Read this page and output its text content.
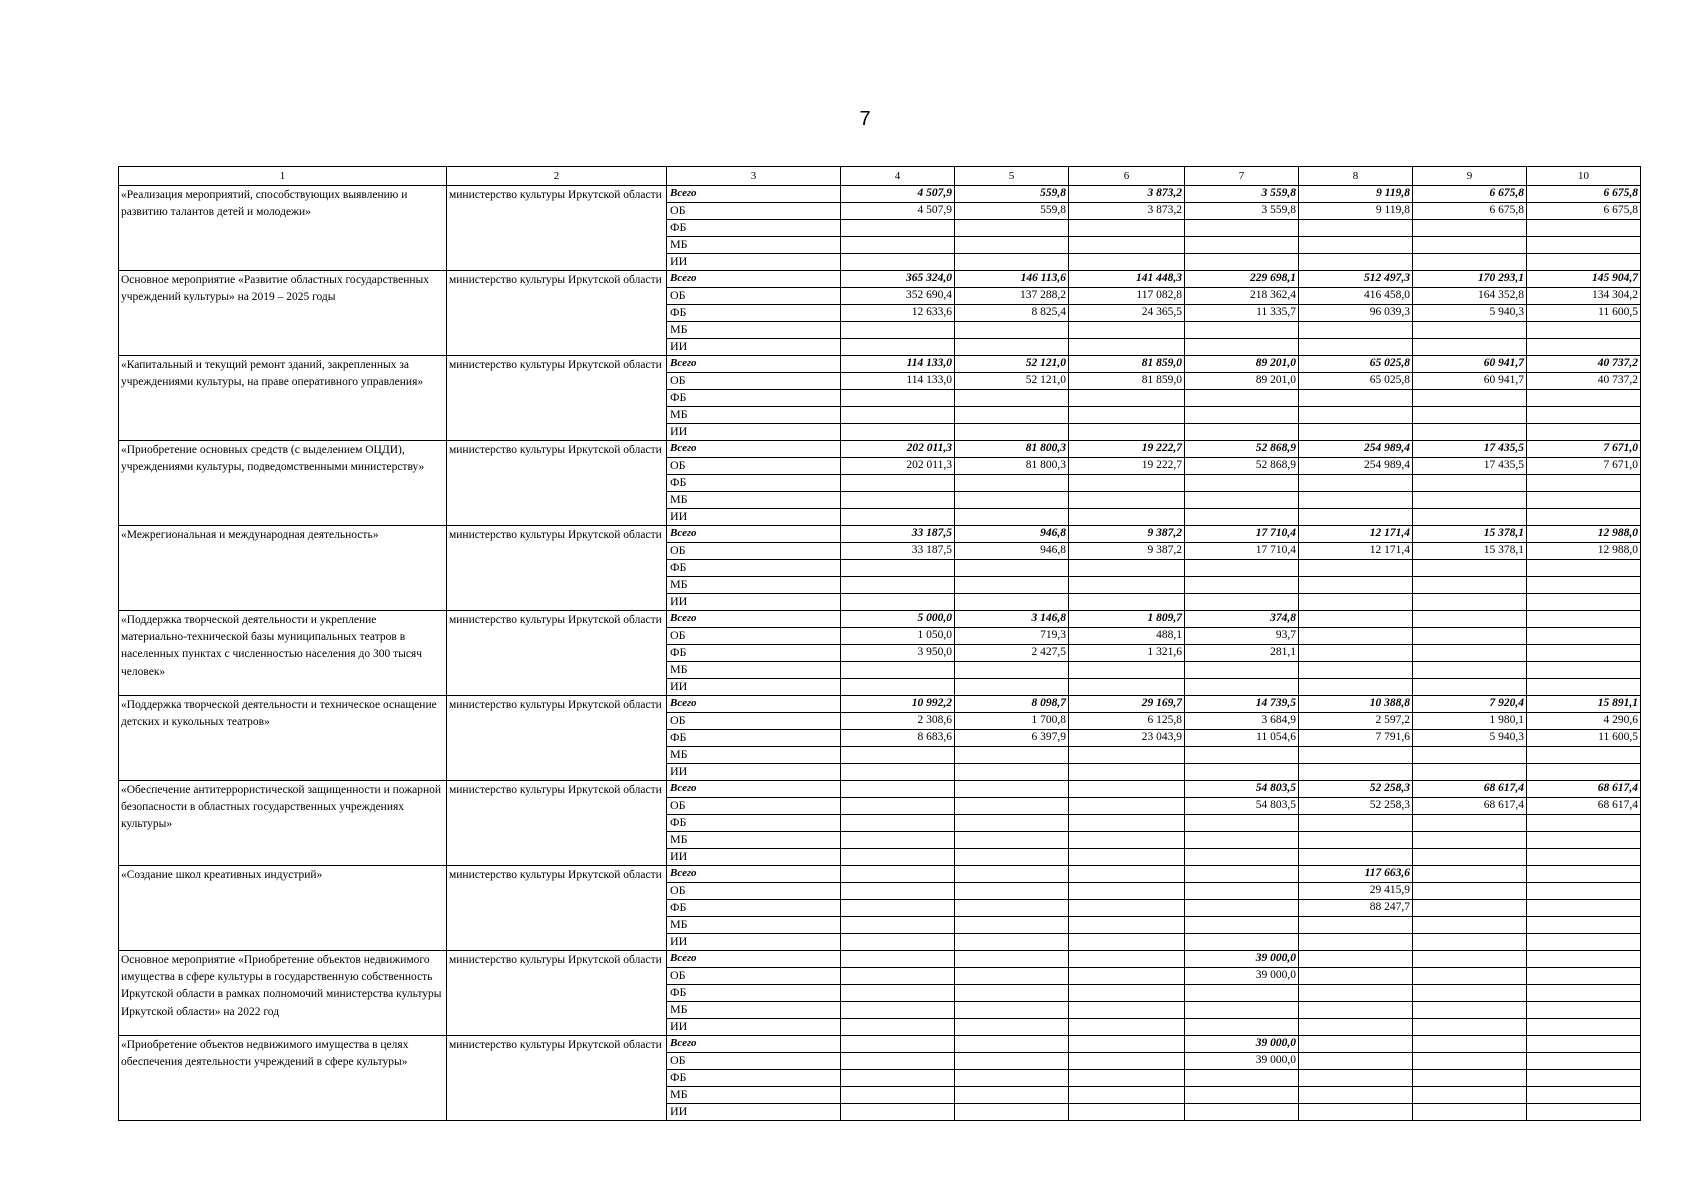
7
1	2	3	4	5	6	7	8	9	10
«Реализация мероприятий, способствующих выявлению и развитию талантов детей и молодежи»	министерство культуры Иркутской области	Всего	4 507,9	559,8	3 873,2	3 559,8	9 119,8	6 675,8	6 675,8
		ОБ	4 507,9	559,8	3 873,2	3 559,8	9 119,8	6 675,8	6 675,8
		ФБ							
		МБ							
		ИИ							
Основное мероприятие «Развитие областных государственных учреждений культуры» на 2019 – 2025 годы	министерство культуры Иркутской области	Всего	365 324,0	146 113,6	141 448,3	229 698,1	512 497,3	170 293,1	145 904,7
		ОБ	352 690,4	137 288,2	117 082,8	218 362,4	416 458,0	164 352,8	134 304,2
		ФБ	12 633,6	8 825,4	24 365,5	11 335,7	96 039,3	5 940,3	11 600,5
		МБ							
		ИИ							
«Капитальный и текущий ремонт зданий, закрепленных за учреждениями культуры, на праве оперативного управления»	министерство культуры Иркутской области	Всего	114 133,0	52 121,0	81 859,0	89 201,0	65 025,8	60 941,7	40 737,2
		ОБ	114 133,0	52 121,0	81 859,0	89 201,0	65 025,8	60 941,7	40 737,2
		ФБ							
		МБ							
		ИИ							
«Приобретение основных средств (с выделением ОЦДИ), учреждениями культуры, подведомственными министерству»	министерство культуры Иркутской области	Всего	202 011,3	81 800,3	19 222,7	52 868,9	254 989,4	17 435,5	7 671,0
		ОБ	202 011,3	81 800,3	19 222,7	52 868,9	254 989,4	17 435,5	7 671,0
		ФБ							
		МБ							
		ИИ							
«Межрегиональная и международная деятельность»	министерство культуры Иркутской области	Всего	33 187,5	946,8	9 387,2	17 710,4	12 171,4	15 378,1	12 988,0
		ОБ	33 187,5	946,8	9 387,2	17 710,4	12 171,4	15 378,1	12 988,0
		ФБ							
		МБ							
		ИИ							
«Поддержка творческой деятельности и укрепление материально-технической базы муниципальных театров в населенных пунктах с численностью населения до 300 тысяч человек»	министерство культуры Иркутской области	Всего	5 000,0	3 146,8	1 809,7	374,8			
		ОБ	1 050,0	719,3	488,1	93,7			
		ФБ	3 950,0	2 427,5	1 321,6	281,1			
		МБ							
		ИИ							
«Поддержка творческой деятельности и техническое оснащение детских и кукольных театров»	министерство культуры Иркутской области	Всего	10 992,2	8 098,7	29 169,7	14 739,5	10 388,8	7 920,4	15 891,1
		ОБ	2 308,6	1 700,8	6 125,8	3 684,9	2 597,2	1 980,1	4 290,6
		ФБ	8 683,6	6 397,9	23 043,9	11 054,6	7 791,6	5 940,3	11 600,5
		МБ							
		ИИ							
«Обеспечение антитеррористической защищенности и пожарной безопасности в областных государственных учреждениях культуры»	министерство культуры Иркутской области	Всего				54 803,5	52 258,3	68 617,4	68 617,4
		ОБ				54 803,5	52 258,3	68 617,4	68 617,4
		ФБ							
		МБ							
		ИИ							
«Создание школ креативных индустрий»	министерство культуры Иркутской области	Всего					117 663,6		
		ОБ					29 415,9		
		ФБ					88 247,7		
		МБ							
		ИИ							
Основное мероприятие «Приобретение объектов недвижимого имущества в сфере культуры в государственную собственность Иркутской области в рамках полномочий министерства культуры Иркутской области» на 2022 год	министерство культуры Иркутской области	Всего				39 000,0			
		ОБ				39 000,0			
		ФБ							
		МБ							
		ИИ							
«Приобретение объектов недвижимого имущества в целях обеспечения деятельности учреждений в сфере культуры»	министерство культуры Иркутской области	Всего				39 000,0			
		ОБ				39 000,0			
		ФБ							
		МБ							
		ИИ							
